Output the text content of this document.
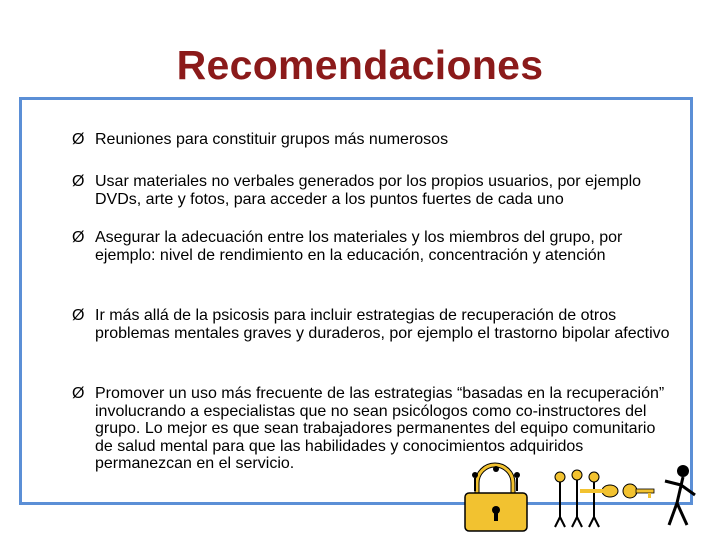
Recomendaciones
Ø Reuniones para constituir grupos más numerosos
Ø Usar materiales no verbales generados por los propios usuarios, por ejemplo DVDs, arte y fotos, para acceder a los puntos fuertes de cada uno
Ø Asegurar la adecuación entre los materiales y los miembros del grupo, por ejemplo: nivel de rendimiento en la educación, concentración y atención
Ø Ir más allá de la psicosis para incluir estrategias de recuperación de otros problemas mentales graves y duraderos, por ejemplo el trastorno bipolar afectivo
Ø Promover un uso más frecuente de las estrategias “basadas en la recuperación” involucrando a especialistas que no sean psicólogos como co-instructores del grupo. Lo mejor es que sean trabajadores permanentes del equipo comunitario de salud mental para que las habilidades y conocimientos adquiridos permanezcan en el servicio.
